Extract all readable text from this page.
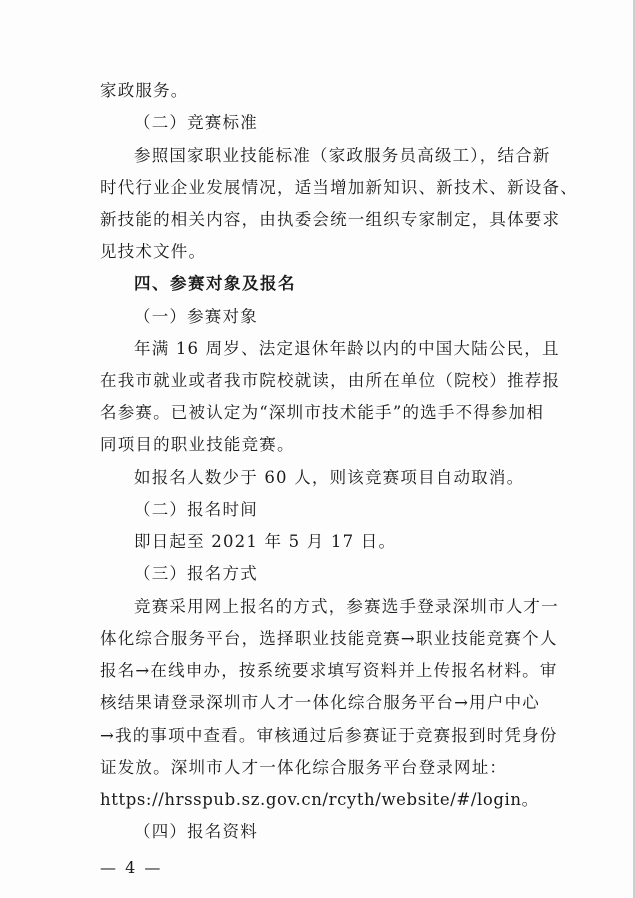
家政服务。
（二）竞赛标准
参照国家职业技能标准（家政服务员高级工），结合新
时代行业企业发展情况，适当增加新知识、新技术、新设备、
新技能的相关内容，由执委会统一组织专家制定，具体要求
见技术文件。
四、参赛对象及报名
（一）参赛对象
年满 16 周岁、法定退休年龄以内的中国大陆公民，且
在我市就业或者我市院校就读，由所在单位（院校）推荐报
名参赛。已被认定为“深圳市技术能手”的选手不得参加相
同项目的职业技能竞赛。
如报名人数少于 60 人，则该竞赛项目自动取消。
（二）报名时间
即日起至 2021 年 5 月 17 日。
（三）报名方式
竞赛采用网上报名的方式，参赛选手登录深圳市人才一
体化综合服务平台，选择职业技能竞赛→职业技能竞赛个人
报名→在线申办，按系统要求填写资料并上传报名材料。审
核结果请登录深圳市人才一体化综合服务平台→用户中心
→我的事项中查看。审核通过后参赛证于竞赛报到时凭身份
证发放。深圳市人才一体化综合服务平台登录网址：
https://hrsspub.sz.gov.cn/rcyth/website/#/login。
（四）报名资料
— 4 —
